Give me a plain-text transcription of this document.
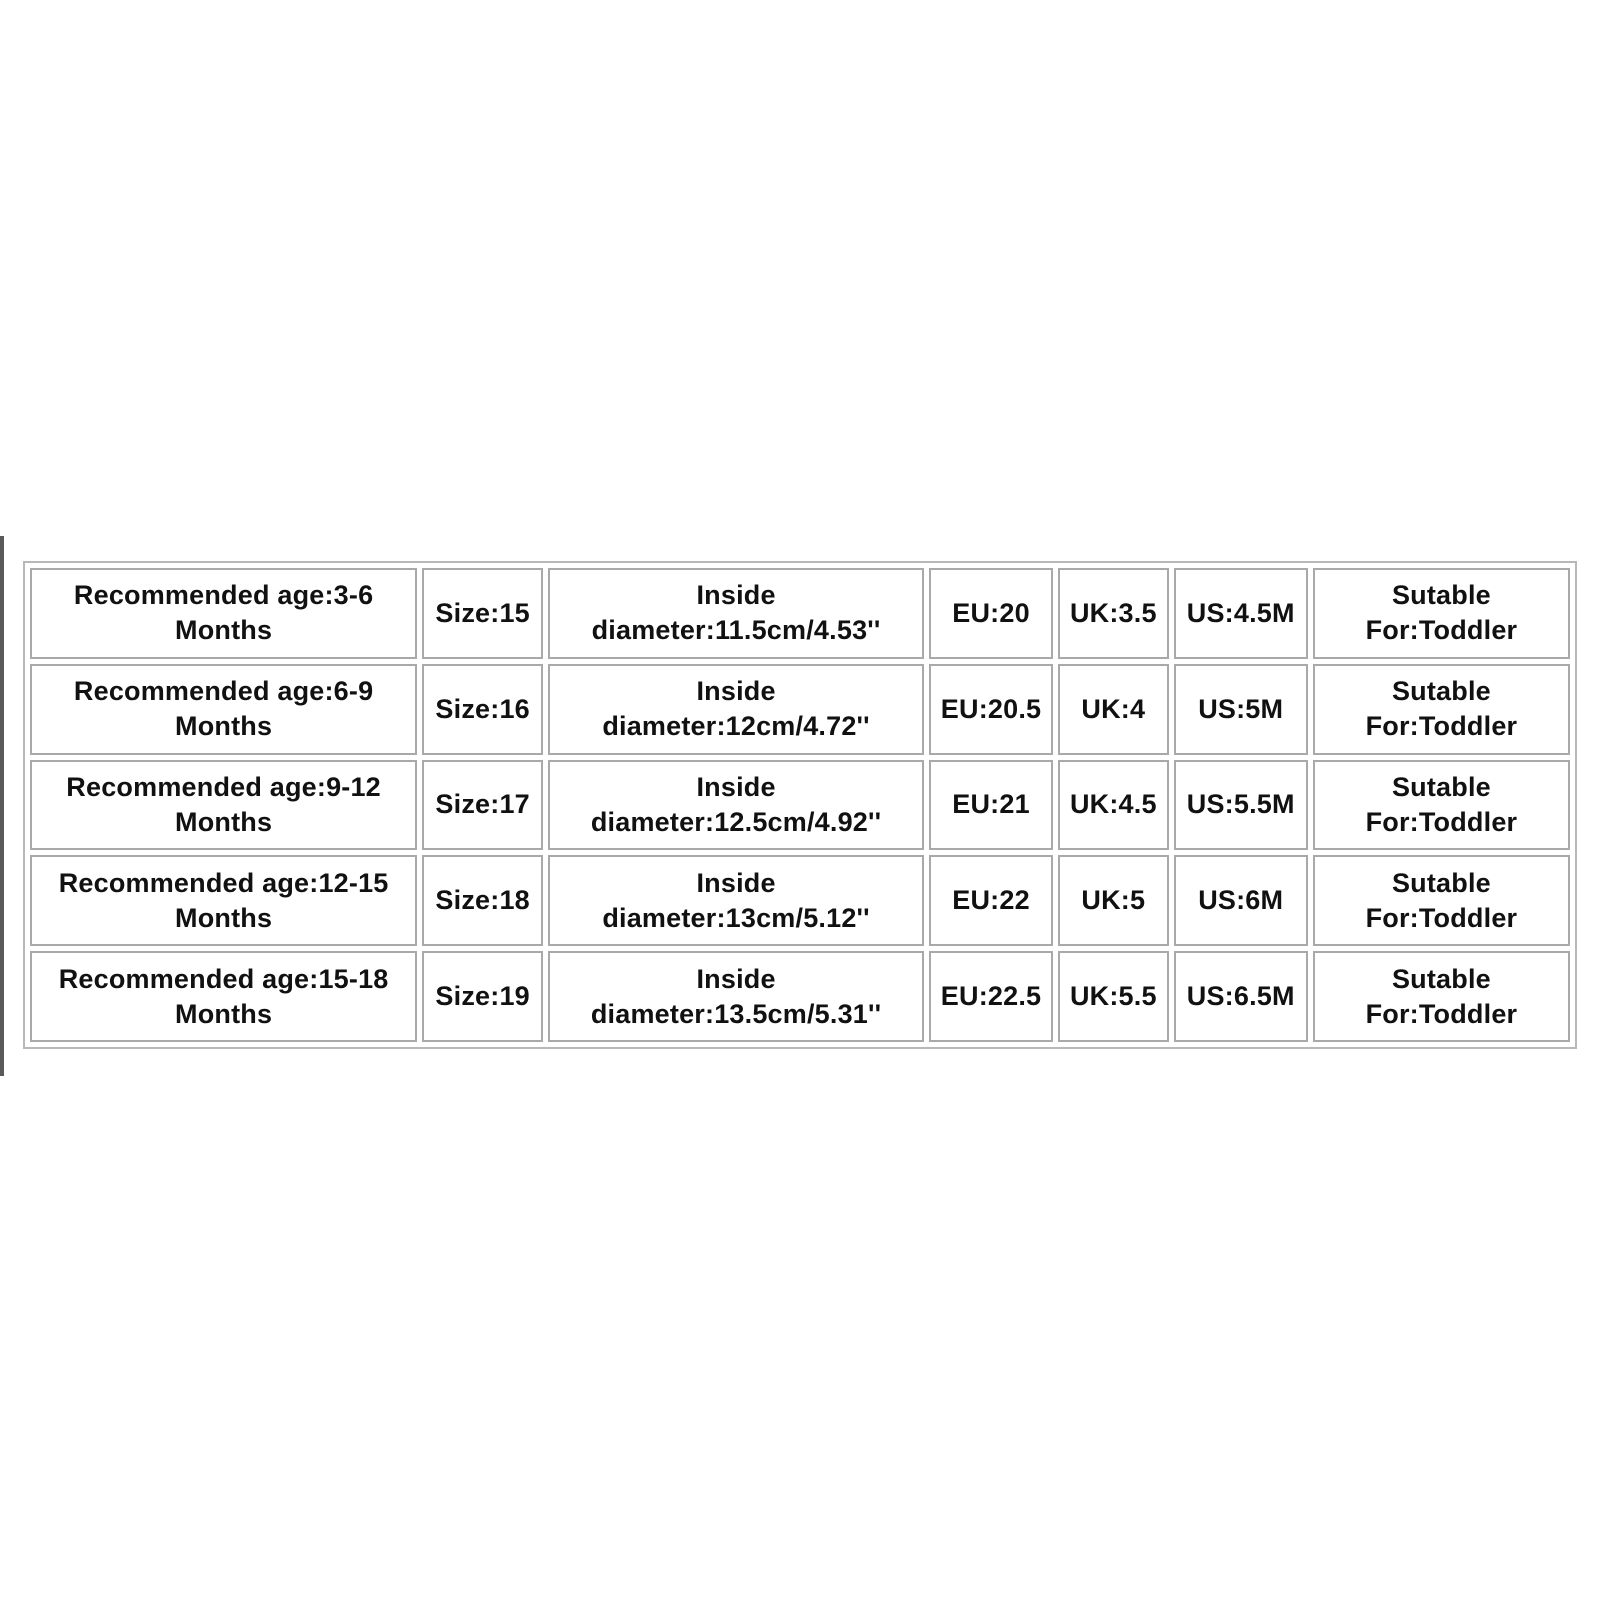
Recommended age:3-6
Months	Size:15	Inside
diameter:11.5cm/4.53''	EU:20	UK:3.5	US:4.5M	Sutable
For:Toddler

Recommended age:6-9
Months	Size:16	Inside
diameter:12cm/4.72''	EU:20.5	UK:4	US:5M	Sutable
For:Toddler

Recommended age:9-12
Months	Size:17	Inside
diameter:12.5cm/4.92''	EU:21	UK:4.5	US:5.5M	Sutable
For:Toddler

Recommended age:12-15
Months	Size:18	Inside
diameter:13cm/5.12''	EU:22	UK:5	US:6M	Sutable
For:Toddler

Recommended age:15-18
Months	Size:19	Inside
diameter:13.5cm/5.31''	EU:22.5	UK:5.5	US:6.5M	Sutable
For:Toddler
